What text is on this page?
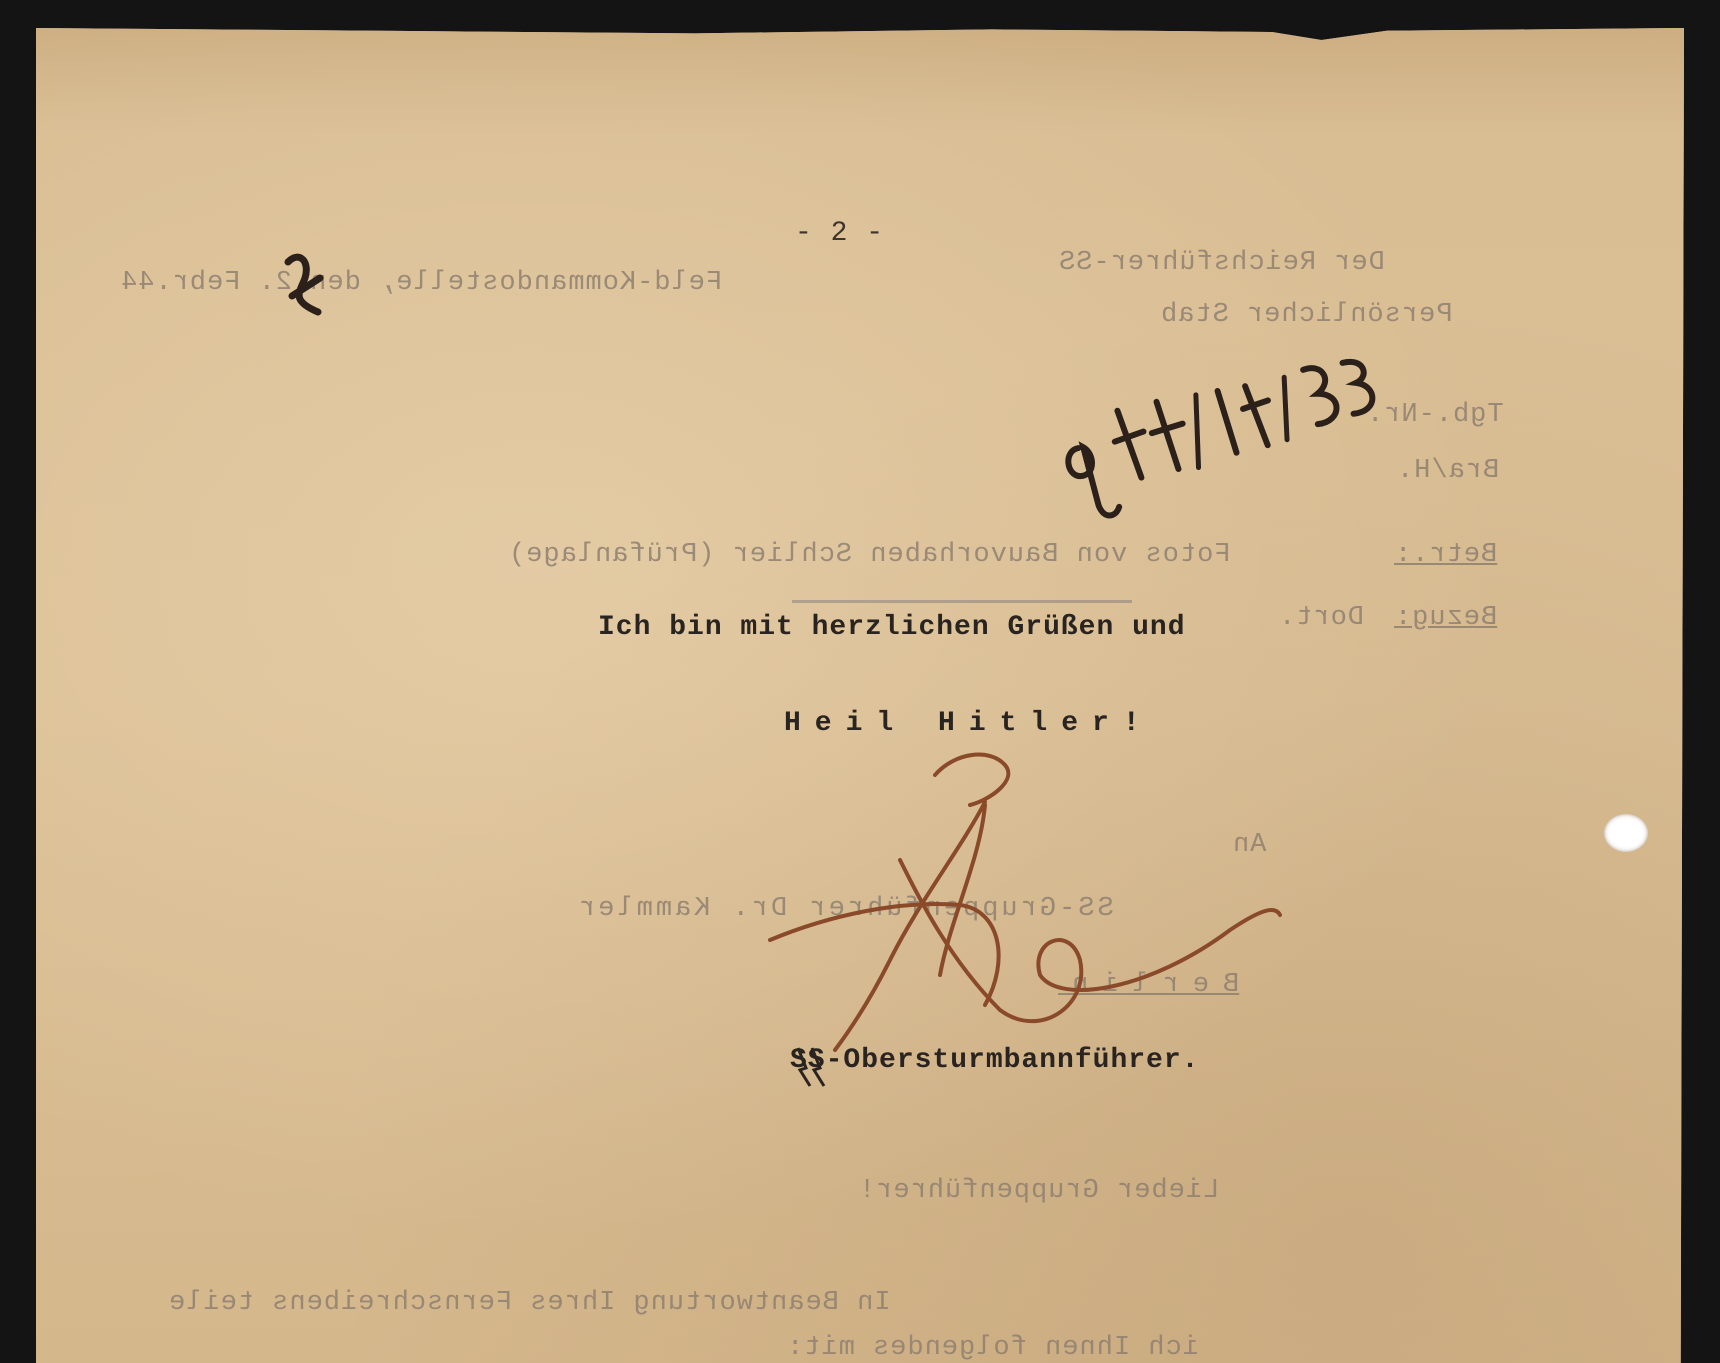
- 2 -
Der Reichsführer-SS
Persönlicher Stab
Feld-Kommandostelle, den 2. Febr.44
Tgb.-Nr.
Bra/H.
Betr.:
Fotos von Bauvorhaben Schlier (Prüfanlage)
Bezug:
Dort.
Ich bin mit herzlichen Grüßen und
Heil Hitler!
An
SS-Gruppenführer Dr. Kammler
Berlin
SS-Obersturmbannführer.
Lieber Gruppenführer!
In Beantwortung Ihres Fernschreibens teile
ich Ihnen folgendes mit:
